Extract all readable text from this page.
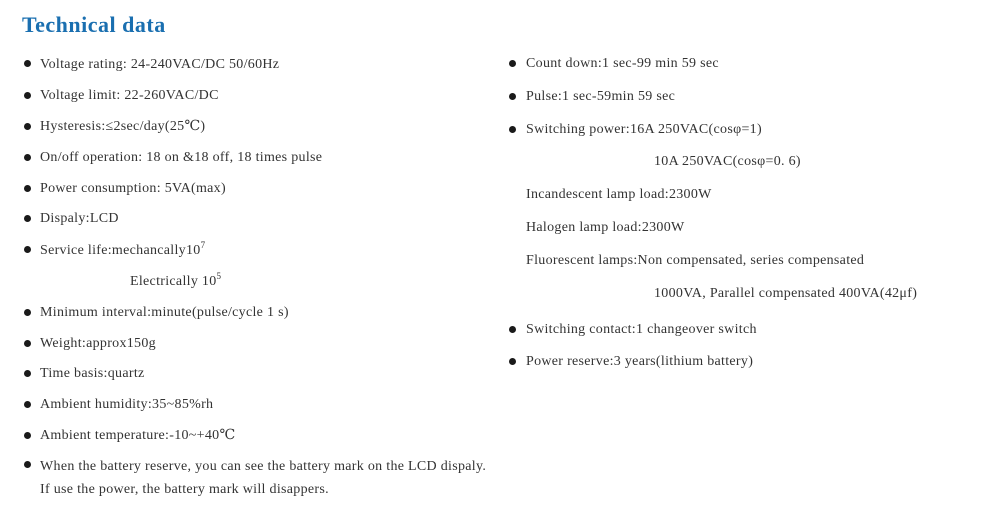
Technical data
Voltage rating: 24-240VAC/DC 50/60Hz
Voltage limit: 22-260VAC/DC
Hysteresis:≤2sec/day(25℃)
On/off operation: 18 on &18 off, 18 times pulse
Power consumption: 5VA(max)
Dispaly:LCD
Service $life:mechancally10^7$
Electrically $10^5$
Minimum interval:minute(pulse/cycle 1 s)
Weight:approx150g
Time basis:quartz
Ambient humidity:35~85%rh
Ambient temperature:-10~+40℃
When the battery reserve, you can see the battery mark on the LCD dispaly.
If use the power, the battery mark will disappers.
Count down:1 sec-99 min 59 sec
Pulse:1 sec-59min 59 sec
Switching power:16A 250VAC(cosφ=1)
10A 250VAC(cosφ=0. 6)
Incandescent lamp load:2300W
Halogen lamp load:2300W
Fluorescent lamps:Non compensated, series compensated
1000VA, Parallel compensated 400VA(42μf)
Switching contact:1 changeover switch
Power reserve:3 years(lithium battery)
